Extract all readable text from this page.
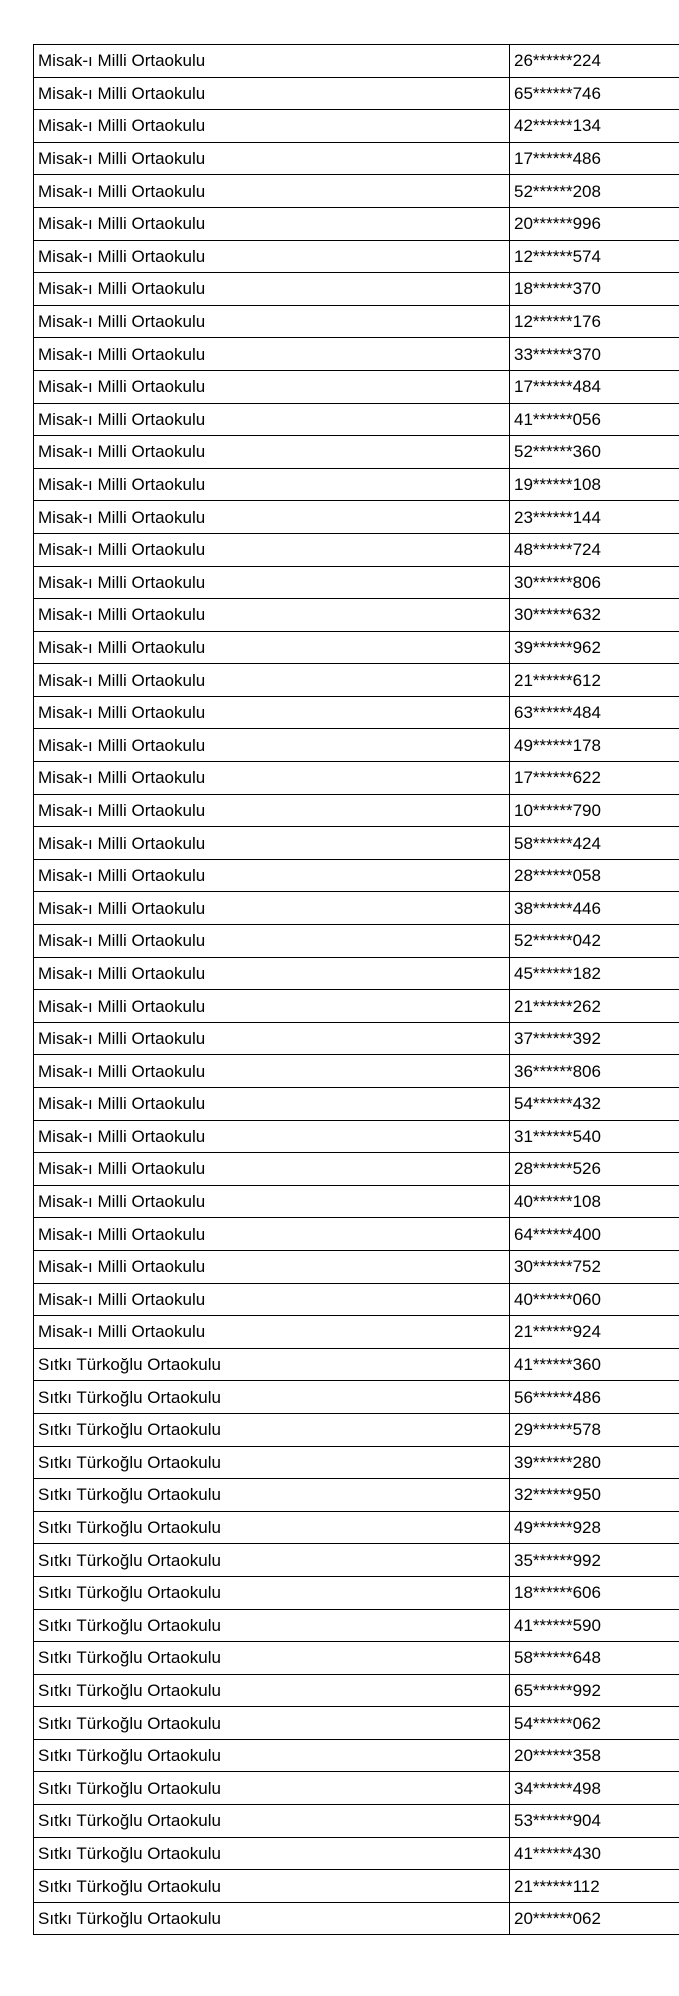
Misak-ı Milli Ortaokulu	26******224
Misak-ı Milli Ortaokulu	65******746
Misak-ı Milli Ortaokulu	42******134
Misak-ı Milli Ortaokulu	17******486
Misak-ı Milli Ortaokulu	52******208
Misak-ı Milli Ortaokulu	20******996
Misak-ı Milli Ortaokulu	12******574
Misak-ı Milli Ortaokulu	18******370
Misak-ı Milli Ortaokulu	12******176
Misak-ı Milli Ortaokulu	33******370
Misak-ı Milli Ortaokulu	17******484
Misak-ı Milli Ortaokulu	41******056
Misak-ı Milli Ortaokulu	52******360
Misak-ı Milli Ortaokulu	19******108
Misak-ı Milli Ortaokulu	23******144
Misak-ı Milli Ortaokulu	48******724
Misak-ı Milli Ortaokulu	30******806
Misak-ı Milli Ortaokulu	30******632
Misak-ı Milli Ortaokulu	39******962
Misak-ı Milli Ortaokulu	21******612
Misak-ı Milli Ortaokulu	63******484
Misak-ı Milli Ortaokulu	49******178
Misak-ı Milli Ortaokulu	17******622
Misak-ı Milli Ortaokulu	10******790
Misak-ı Milli Ortaokulu	58******424
Misak-ı Milli Ortaokulu	28******058
Misak-ı Milli Ortaokulu	38******446
Misak-ı Milli Ortaokulu	52******042
Misak-ı Milli Ortaokulu	45******182
Misak-ı Milli Ortaokulu	21******262
Misak-ı Milli Ortaokulu	37******392
Misak-ı Milli Ortaokulu	36******806
Misak-ı Milli Ortaokulu	54******432
Misak-ı Milli Ortaokulu	31******540
Misak-ı Milli Ortaokulu	28******526
Misak-ı Milli Ortaokulu	40******108
Misak-ı Milli Ortaokulu	64******400
Misak-ı Milli Ortaokulu	30******752
Misak-ı Milli Ortaokulu	40******060
Misak-ı Milli Ortaokulu	21******924
Sıtkı Türkoğlu Ortaokulu	41******360
Sıtkı Türkoğlu Ortaokulu	56******486
Sıtkı Türkoğlu Ortaokulu	29******578
Sıtkı Türkoğlu Ortaokulu	39******280
Sıtkı Türkoğlu Ortaokulu	32******950
Sıtkı Türkoğlu Ortaokulu	49******928
Sıtkı Türkoğlu Ortaokulu	35******992
Sıtkı Türkoğlu Ortaokulu	18******606
Sıtkı Türkoğlu Ortaokulu	41******590
Sıtkı Türkoğlu Ortaokulu	58******648
Sıtkı Türkoğlu Ortaokulu	65******992
Sıtkı Türkoğlu Ortaokulu	54******062
Sıtkı Türkoğlu Ortaokulu	20******358
Sıtkı Türkoğlu Ortaokulu	34******498
Sıtkı Türkoğlu Ortaokulu	53******904
Sıtkı Türkoğlu Ortaokulu	41******430
Sıtkı Türkoğlu Ortaokulu	21******112
Sıtkı Türkoğlu Ortaokulu	20******062
